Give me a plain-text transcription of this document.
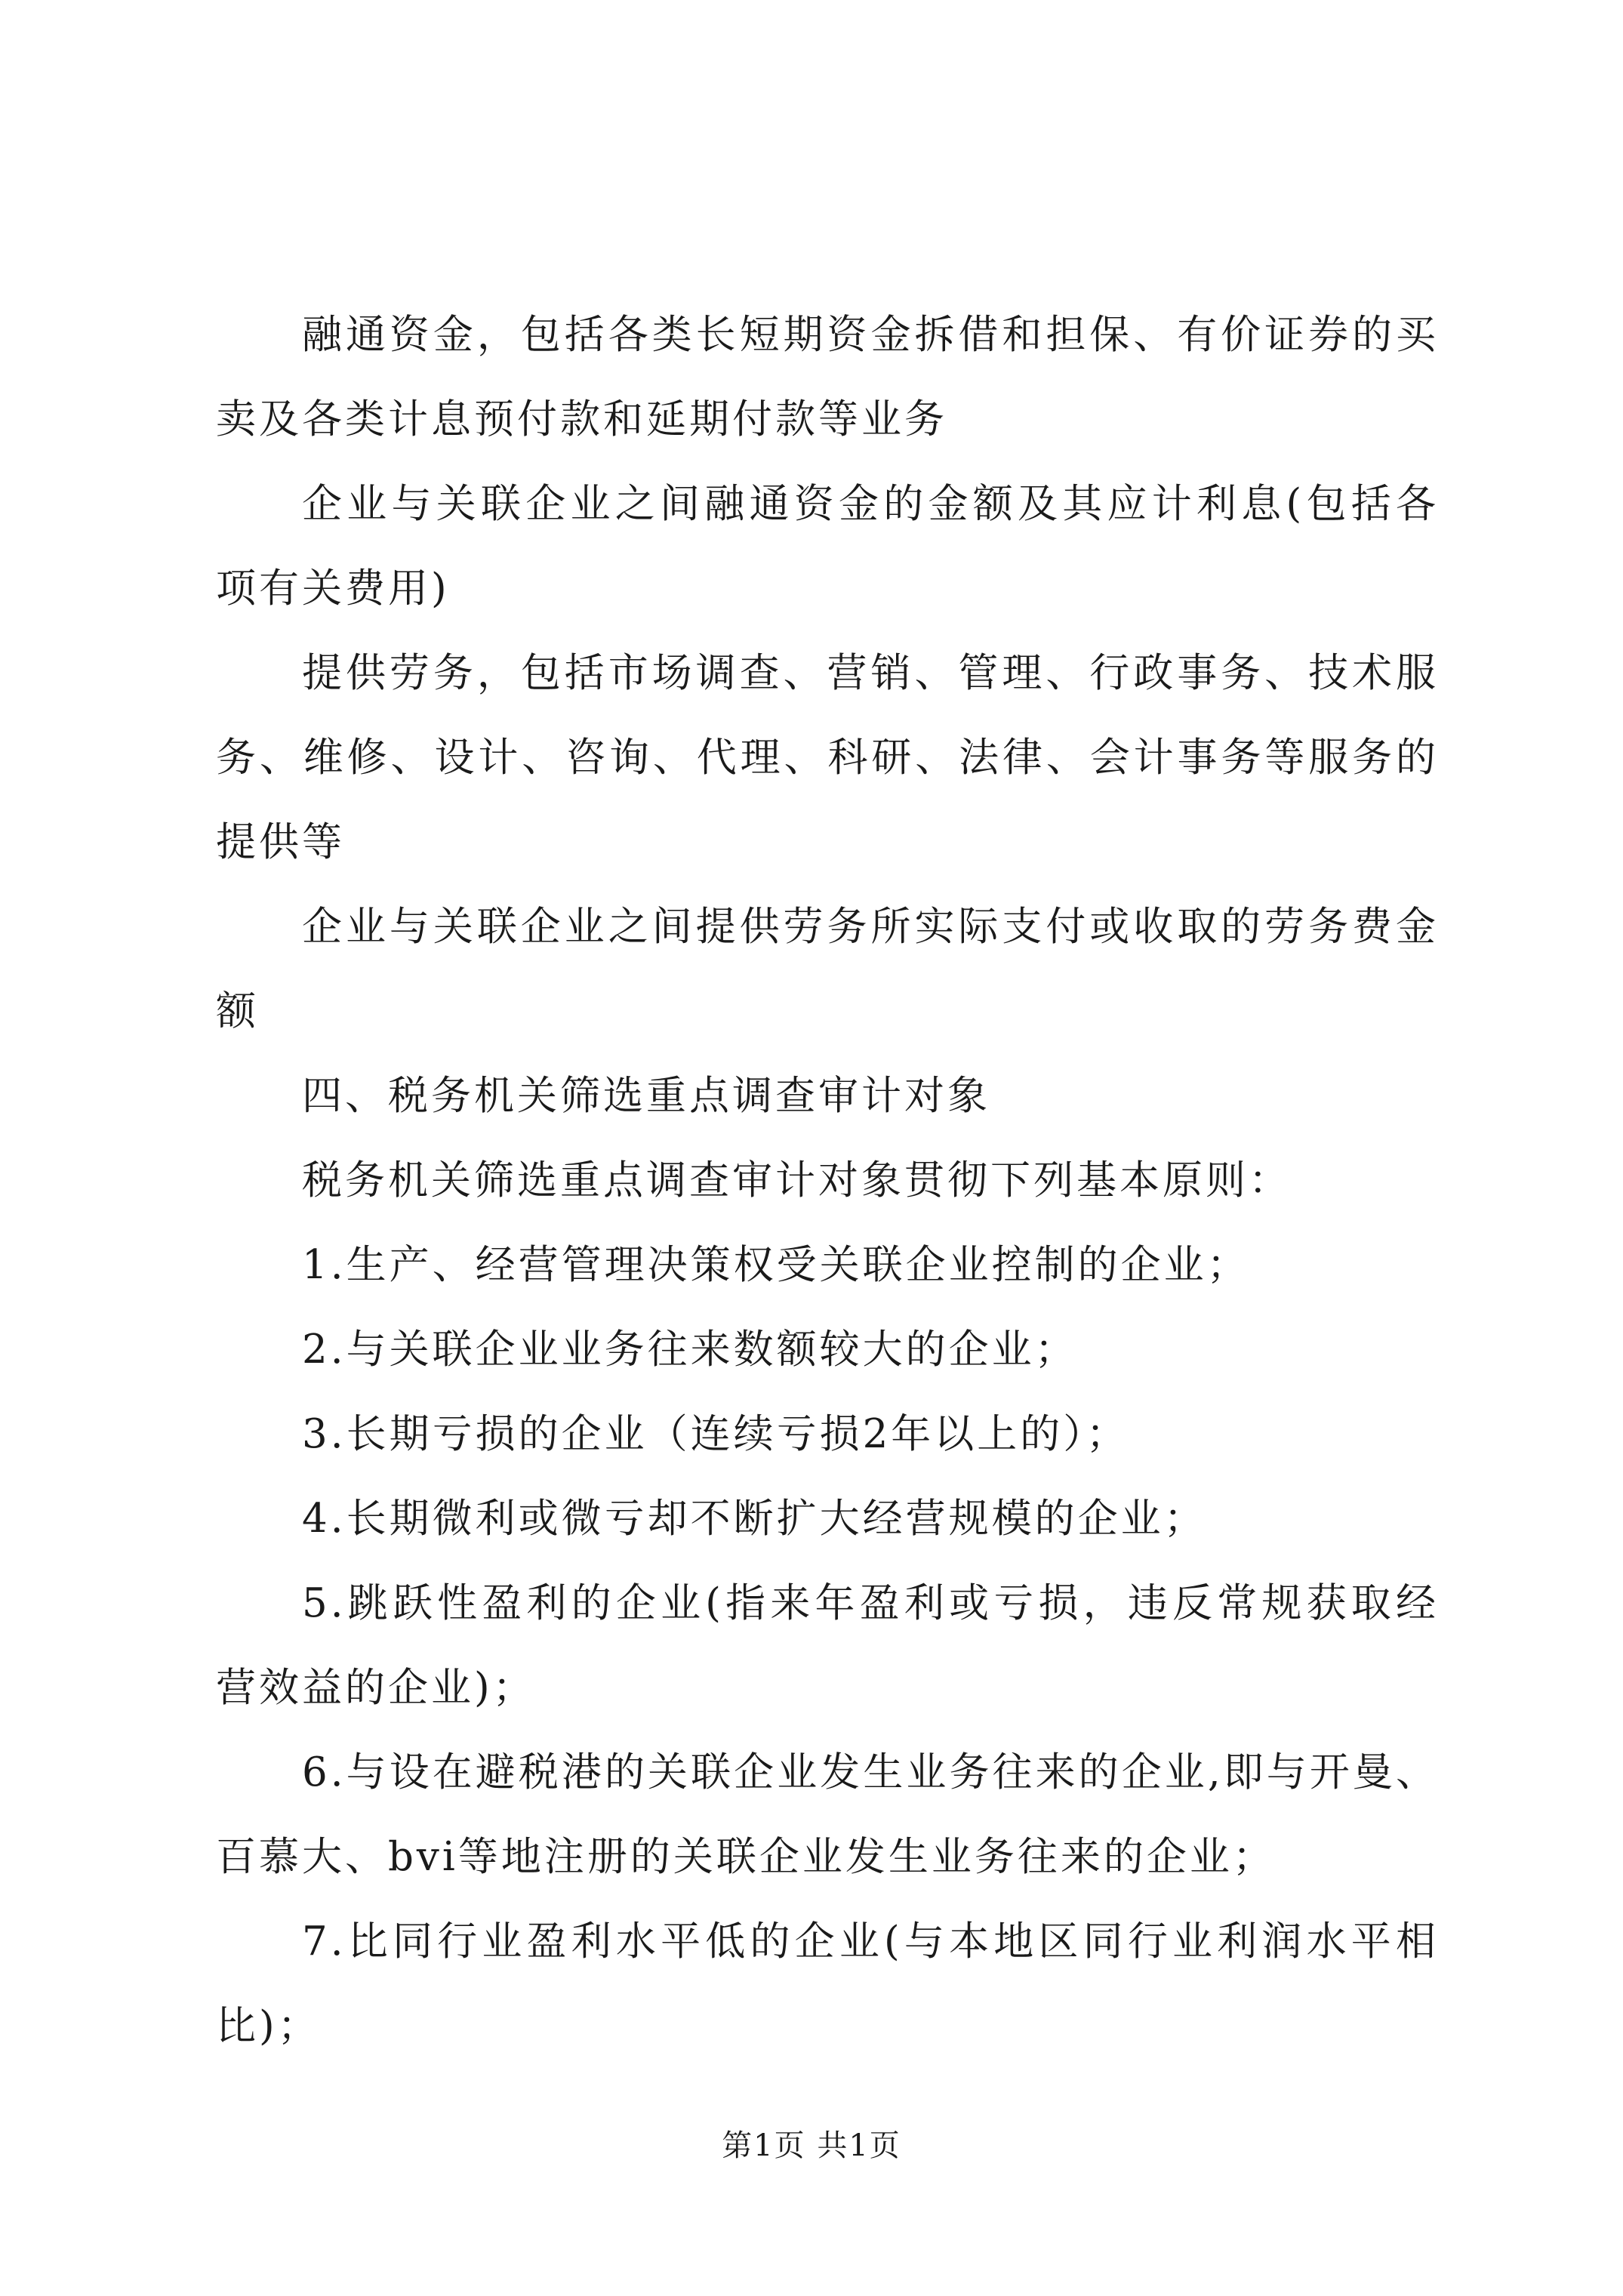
融通资金，包括各类长短期资金拆借和担保、有价证券的买卖及各类计息预付款和延期付款等业务

企业与关联企业之间融通资金的金额及其应计利息(包括各项有关费用)

提供劳务，包括市场调查、营销、管理、行政事务、技术服务、维修、设计、咨询、代理、科研、法律、会计事务等服务的提供等

企业与关联企业之间提供劳务所实际支付或收取的劳务费金额

四、税务机关筛选重点调查审计对象

税务机关筛选重点调查审计对象贯彻下列基本原则：

1.生产、经营管理决策权受关联企业控制的企业；

2.与关联企业业务往来数额较大的企业；

3.长期亏损的企业（连续亏损2年以上的）；

4.长期微利或微亏却不断扩大经营规模的企业；

5.跳跃性盈利的企业(指来年盈利或亏损，违反常规获取经营效益的企业)；

6.与设在避税港的关联企业发生业务往来的企业,即与开曼、百慕大、bvi等地注册的关联企业发生业务往来的企业；

7.比同行业盈利水平低的企业(与本地区同行业利润水平相比)；

第1页 共1页
